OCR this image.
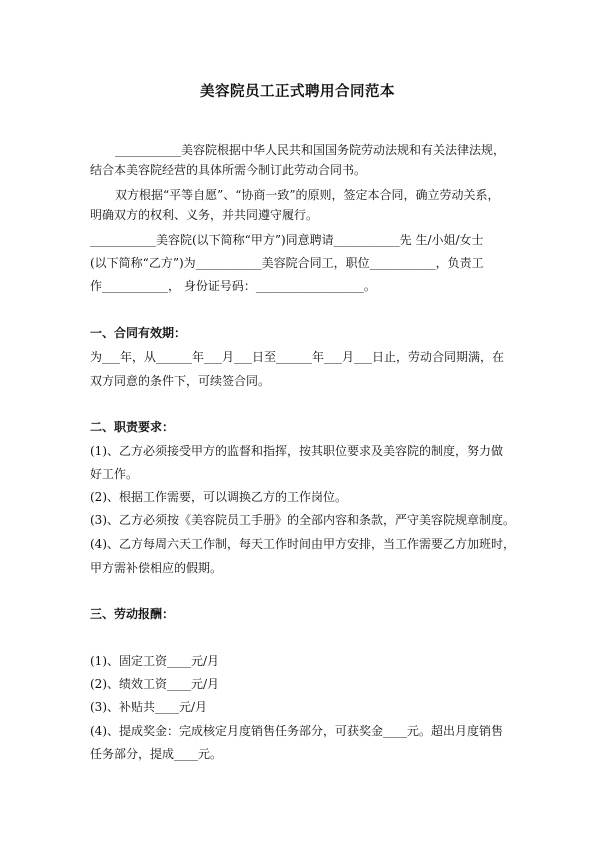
美容院员工正式聘用合同范本
___________美容院根据中华人民共和国国务院劳动法规和有关法律法规，
结合本美容院经营的具体所需今制订此劳动合同书。
双方根据“平等自愿”、“协商一致”的原则，签定本合同，确立劳动关系，
明确双方的权利、义务，并共同遵守履行。
___________美容院(以下简称“甲方”)同意聘请___________先 生/小姐/女士
(以下简称“乙方”)为___________美容院合同工，职位___________，负责工
作___________， 身份证号码：__________________。
一、合同有效期：
为___年，从______年___月___日至______年___月___日止，劳动合同期满，在
双方同意的条件下，可续签合同。
二、职责要求：
(1)、乙方必须接受甲方的监督和指挥，按其职位要求及美容院的制度，努力做
好工作。
(2)、根据工作需要，可以调换乙方的工作岗位。
(3)、乙方必须按《美容院员工手册》的全部内容和条款，严守美容院规章制度。
(4)、乙方每周六天工作制，每天工作时间由甲方安排，当工作需要乙方加班时，
甲方需补偿相应的假期。
三、劳动报酬：
(1)、固定工资____元/月
(2)、绩效工资____元/月
(3)、补贴共____元/月
(4)、提成奖金：完成核定月度销售任务部分，可获奖金____元。超出月度销售
任务部分，提成____元。
